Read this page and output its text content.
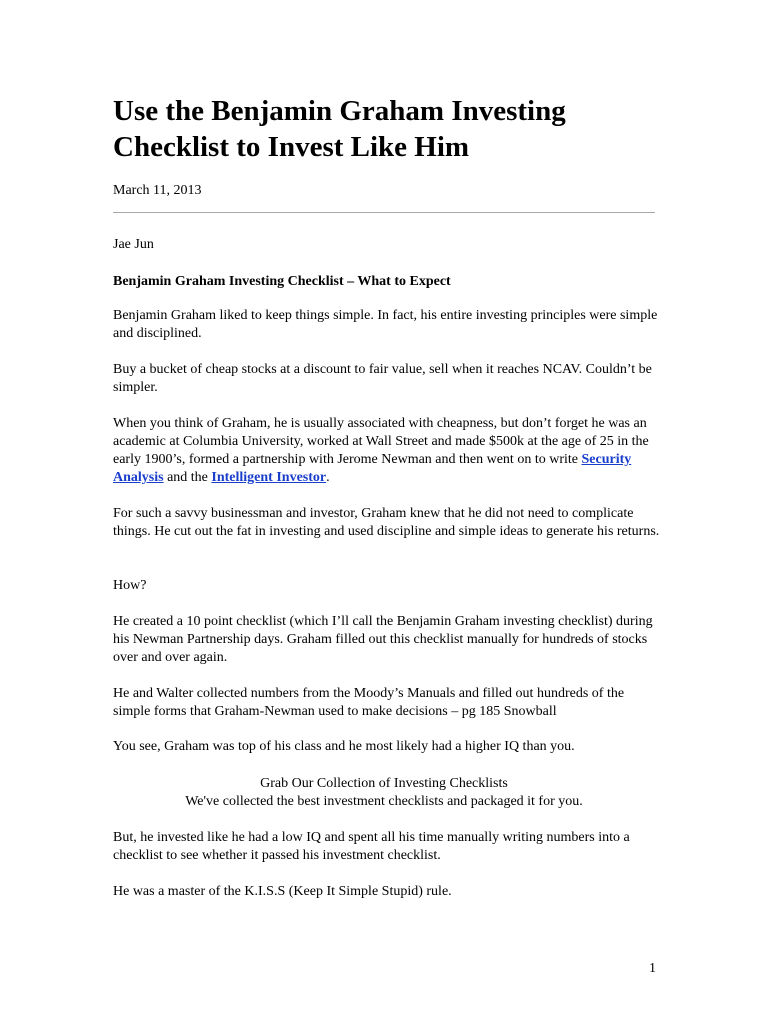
Use the Benjamin Graham Investing Checklist to Invest Like Him
March 11, 2013
Jae Jun

Benjamin Graham Investing Checklist – What to Expect

Benjamin Graham liked to keep things simple. In fact, his entire investing principles were simple and disciplined.

Buy a bucket of cheap stocks at a discount to fair value, sell when it reaches NCAV. Couldn’t be simpler.

When you think of Graham, he is usually associated with cheapness, but don’t forget he was an academic at Columbia University, worked at Wall Street and made $500k at the age of 25 in the early 1900’s, formed a partnership with Jerome Newman and then went on to write Security Analysis and the Intelligent Investor.

For such a savvy businessman and investor, Graham knew that he did not need to complicate things. He cut out the fat in investing and used discipline and simple ideas to generate his returns.

How?

He created a 10 point checklist (which I’ll call the Benjamin Graham investing checklist) during his Newman Partnership days. Graham filled out this checklist manually for hundreds of stocks over and over again.

He and Walter collected numbers from the Moody’s Manuals and filled out hundreds of the simple forms that Graham-Newman used to make decisions – pg 185 Snowball

You see, Graham was top of his class and he most likely had a higher IQ than you.

Grab Our Collection of Investing Checklists

We've collected the best investment checklists and packaged it for you.

But, he invested like he had a low IQ and spent all his time manually writing numbers into a checklist to see whether it passed his investment checklist.

He was a master of the K.I.S.S (Keep It Simple Stupid) rule.

1
